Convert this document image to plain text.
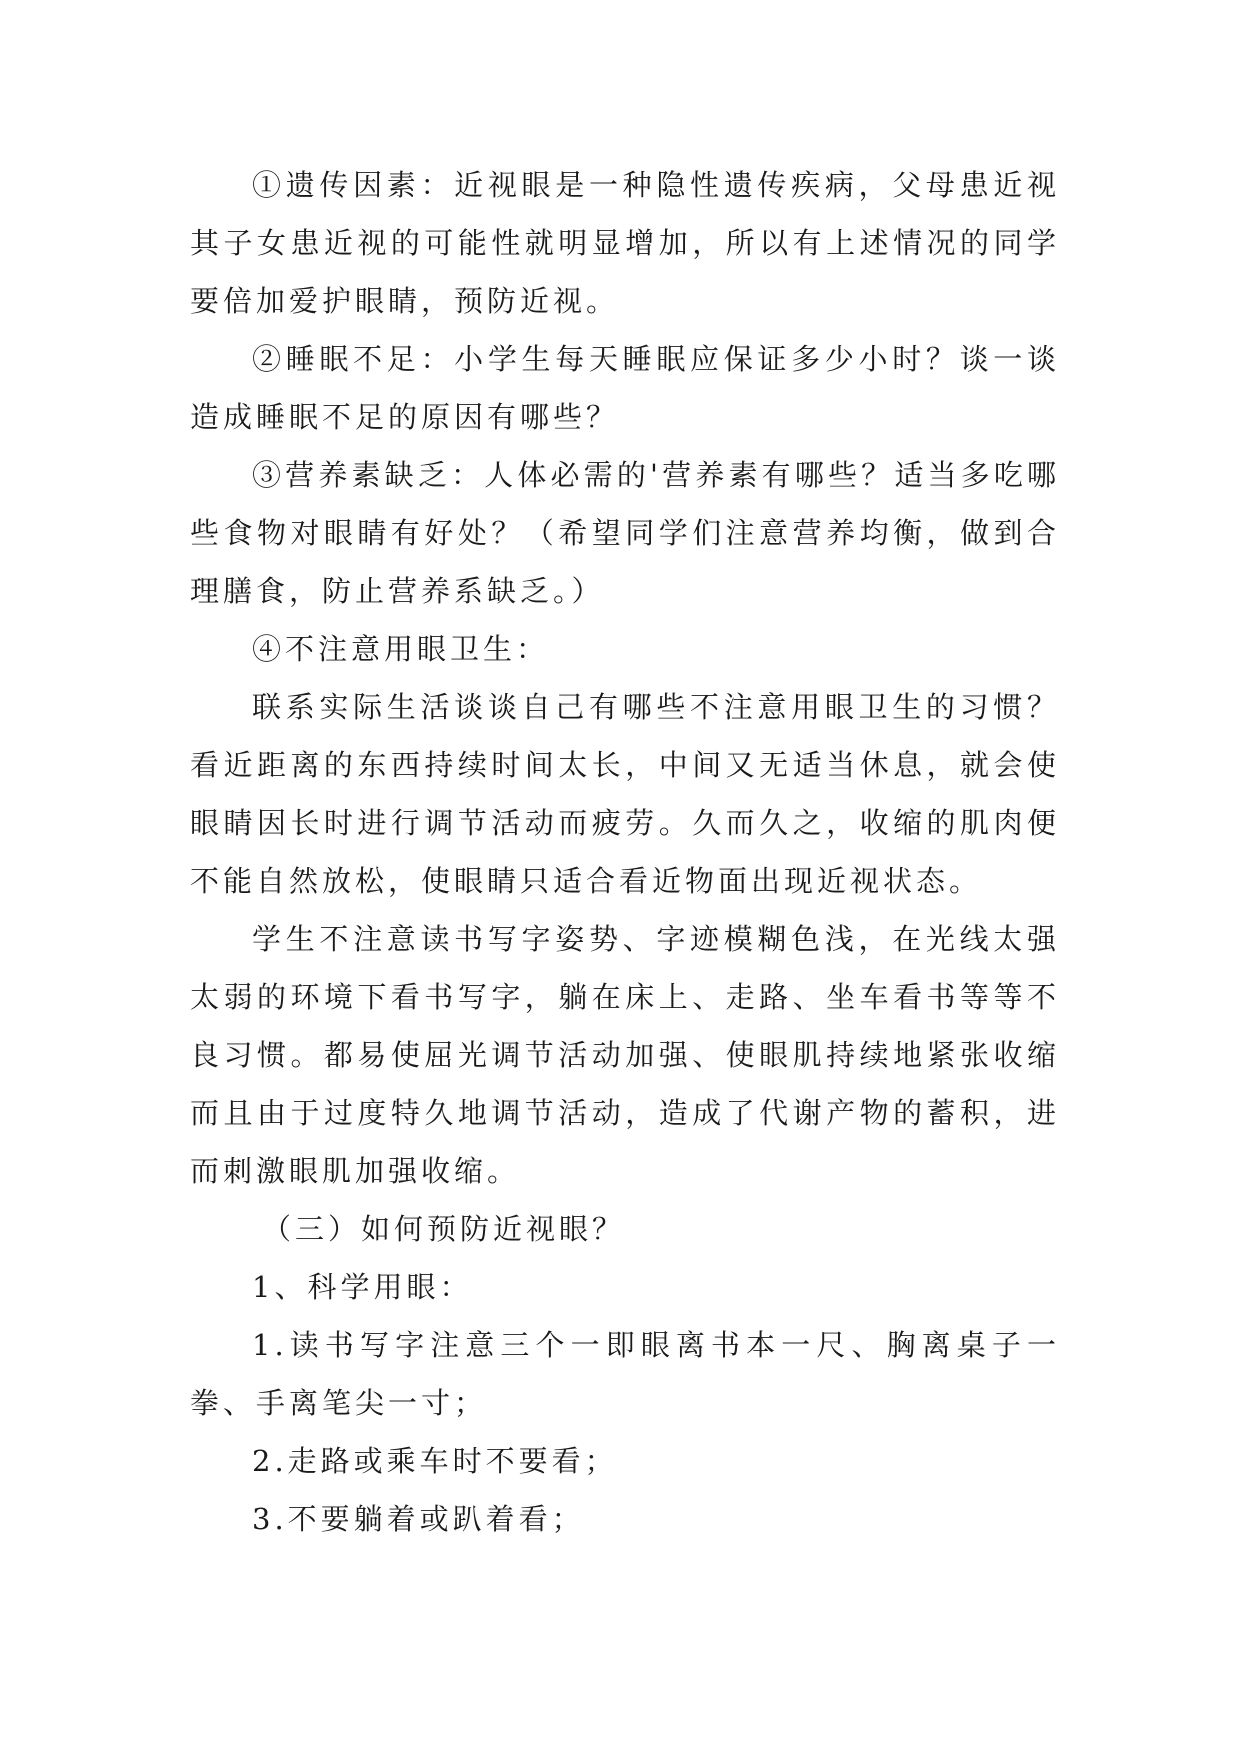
①遗传因素：近视眼是一种隐性遗传疾病，父母患近视其子女患近视的可能性就明显增加，所以有上述情况的同学要倍加爱护眼睛，预防近视。

②睡眠不足：小学生每天睡眠应保证多少小时？谈一谈造成睡眠不足的原因有哪些？

③营养素缺乏：人体必需的'营养素有哪些？适当多吃哪些食物对眼睛有好处？（希望同学们注意营养均衡，做到合理膳食，防止营养系缺乏。）

④不注意用眼卫生：

联系实际生活谈谈自己有哪些不注意用眼卫生的习惯？看近距离的东西持续时间太长，中间又无适当休息，就会使眼睛因长时进行调节活动而疲劳。久而久之，收缩的肌肉便不能自然放松，使眼睛只适合看近物面出现近视状态。

学生不注意读书写字姿势、字迹模糊色浅，在光线太强太弱的环境下看书写字，躺在床上、走路、坐车看书等等不良习惯。都易使屈光调节活动加强、使眼肌持续地紧张收缩而且由于过度特久地调节活动，造成了代谢产物的蓄积，进而刺激眼肌加强收缩。

（三）如何预防近视眼？

1、科学用眼：

1.读书写字注意三个一即眼离书本一尺、胸离桌子一拳、手离笔尖一寸；

2.走路或乘车时不要看；

3.不要躺着或趴着看；
